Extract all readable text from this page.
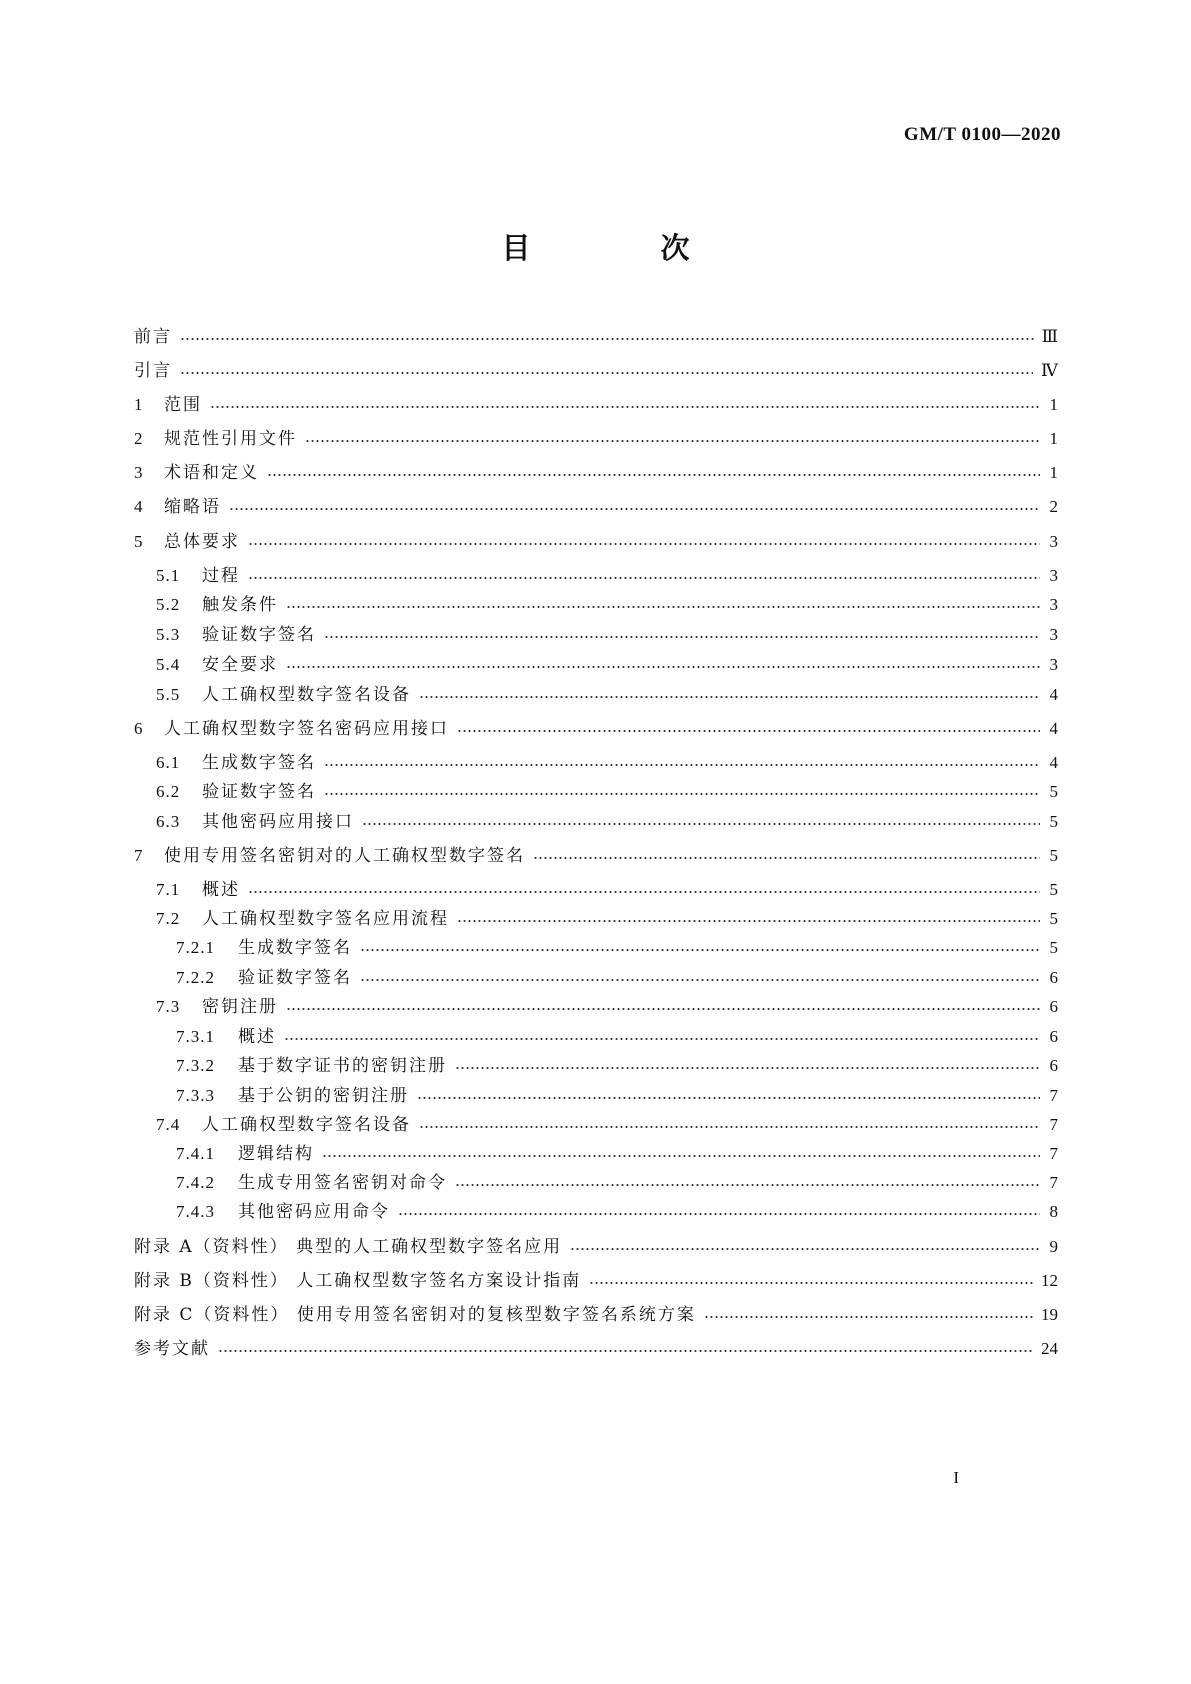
GM/T 0100—2020
目 次
前言	Ⅲ
引言	Ⅳ
1	范围	1
2	规范性引用文件	1
3	术语和定义	1
4	缩略语	2
5	总体要求	3
5.1	过程	3
5.2	触发条件	3
5.3	验证数字签名	3
5.4	安全要求	3
5.5	人工确权型数字签名设备	4
6	人工确权型数字签名密码应用接口	4
6.1	生成数字签名	4
6.2	验证数字签名	5
6.3	其他密码应用接口	5
7	使用专用签名密钥对的人工确权型数字签名	5
7.1	概述	5
7.2	人工确权型数字签名应用流程	5
7.2.1	生成数字签名	5
7.2.2	验证数字签名	6
7.3	密钥注册	6
7.3.1	概述	6
7.3.2	基于数字证书的密钥注册	6
7.3.3	基于公钥的密钥注册	7
7.4	人工确权型数字签名设备	7
7.4.1	逻辑结构	7
7.4.2	生成专用签名密钥对命令	7
7.4.3	其他密码应用命令	8
附录 A（资料性） 典型的人工确权型数字签名应用	9
附录 B（资料性） 人工确权型数字签名方案设计指南	12
附录 C（资料性） 使用专用签名密钥对的复核型数字签名系统方案	19
参考文献	24
I
